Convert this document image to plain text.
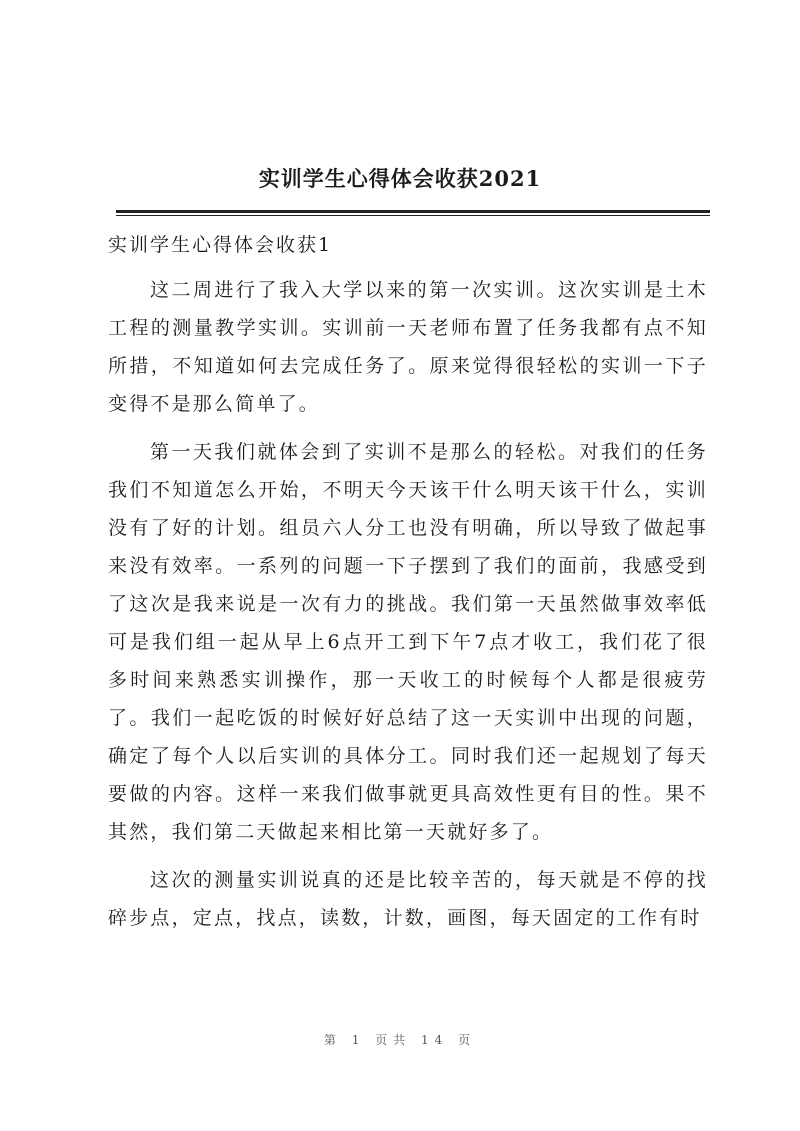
实训学生心得体会收获2021
实训学生心得体会收获1

这二周进行了我入大学以来的第一次实训。这次实训是土木工程的测量教学实训。实训前一天老师布置了任务我都有点不知所措，不知道如何去完成任务了。原来觉得很轻松的实训一下子变得不是那么简单了。

第一天我们就体会到了实训不是那么的轻松。对我们的任务我们不知道怎么开始，不明天今天该干什么明天该干什么，实训没有了好的计划。组员六人分工也没有明确，所以导致了做起事来没有效率。一系列的问题一下子摆到了我们的面前，我感受到了这次是我来说是一次有力的挑战。我们第一天虽然做事效率低可是我们组一起从早上6点开工到下午7点才收工，我们花了很多时间来熟悉实训操作，那一天收工的时候每个人都是很疲劳了。我们一起吃饭的时候好好总结了这一天实训中出现的问题，确定了每个人以后实训的具体分工。同时我们还一起规划了每天要做的内容。这样一来我们做事就更具高效性更有目的性。果不其然，我们第二天做起来相比第一天就好多了。

这次的测量实训说真的还是比较辛苦的，每天就是不停的找碎步点，定点，找点，读数，计数，画图，每天固定的工作有时

第 1 页共 14 页
